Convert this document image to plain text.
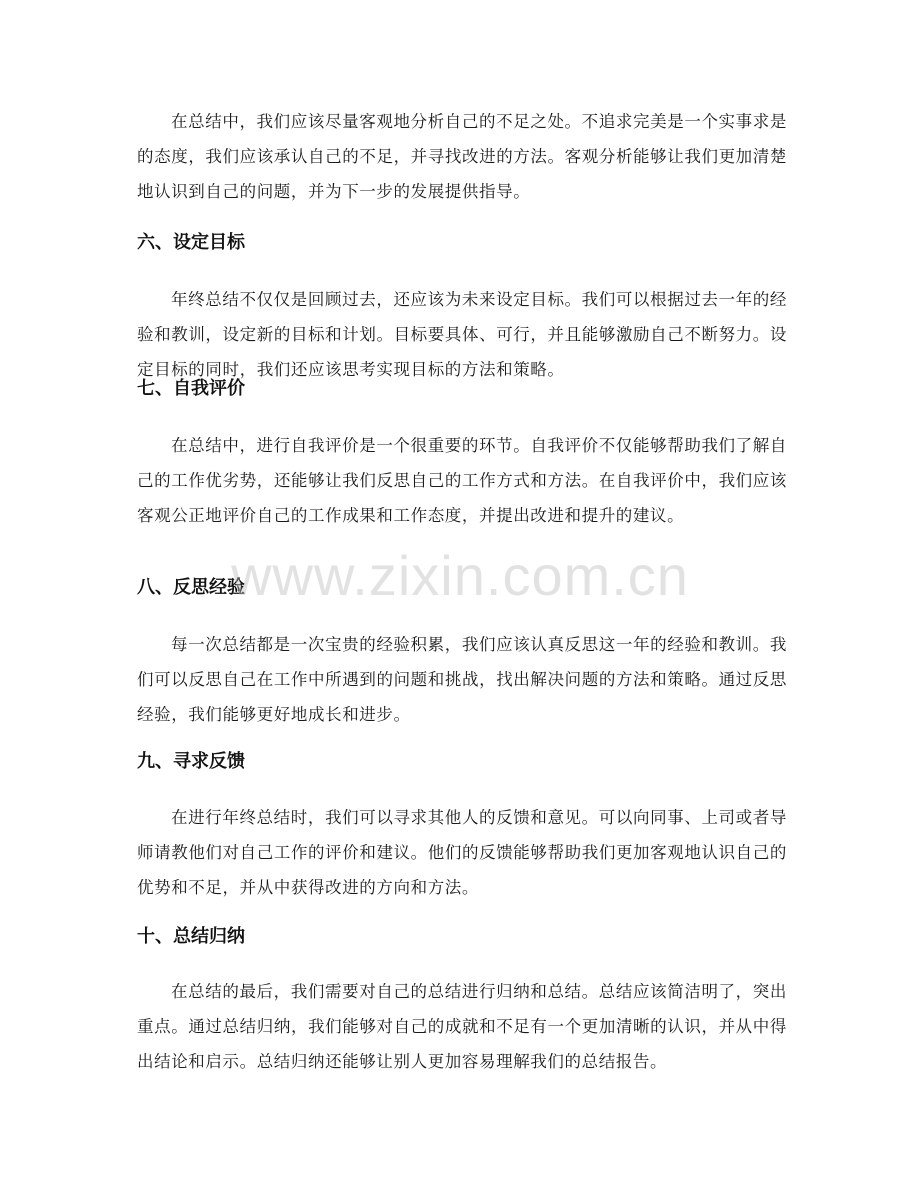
在总结中，我们应该尽量客观地分析自己的不足之处。不追求完美是一个实事求是的态度，我们应该承认自己的不足，并寻找改进的方法。客观分析能够让我们更加清楚地认识到自己的问题，并为下一步的发展提供指导。

六、设定目标

年终总结不仅仅是回顾过去，还应该为未来设定目标。我们可以根据过去一年的经验和教训，设定新的目标和计划。目标要具体、可行，并且能够激励自己不断努力。设定目标的同时，我们还应该思考实现目标的方法和策略。

七、自我评价

在总结中，进行自我评价是一个很重要的环节。自我评价不仅能够帮助我们了解自己的工作优劣势，还能够让我们反思自己的工作方式和方法。在自我评价中，我们应该客观公正地评价自己的工作成果和工作态度，并提出改进和提升的建议。

八、反思经验

每一次总结都是一次宝贵的经验积累，我们应该认真反思这一年的经验和教训。我们可以反思自己在工作中所遇到的问题和挑战，找出解决问题的方法和策略。通过反思经验，我们能够更好地成长和进步。

九、寻求反馈

在进行年终总结时，我们可以寻求其他人的反馈和意见。可以向同事、上司或者导师请教他们对自己工作的评价和建议。他们的反馈能够帮助我们更加客观地认识自己的优势和不足，并从中获得改进的方向和方法。

十、总结归纳

在总结的最后，我们需要对自己的总结进行归纳和总结。总结应该简洁明了，突出重点。通过总结归纳，我们能够对自己的成就和不足有一个更加清晰的认识，并从中得出结论和启示。总结归纳还能够让别人更加容易理解我们的总结报告。

www.zixin.com.cn
